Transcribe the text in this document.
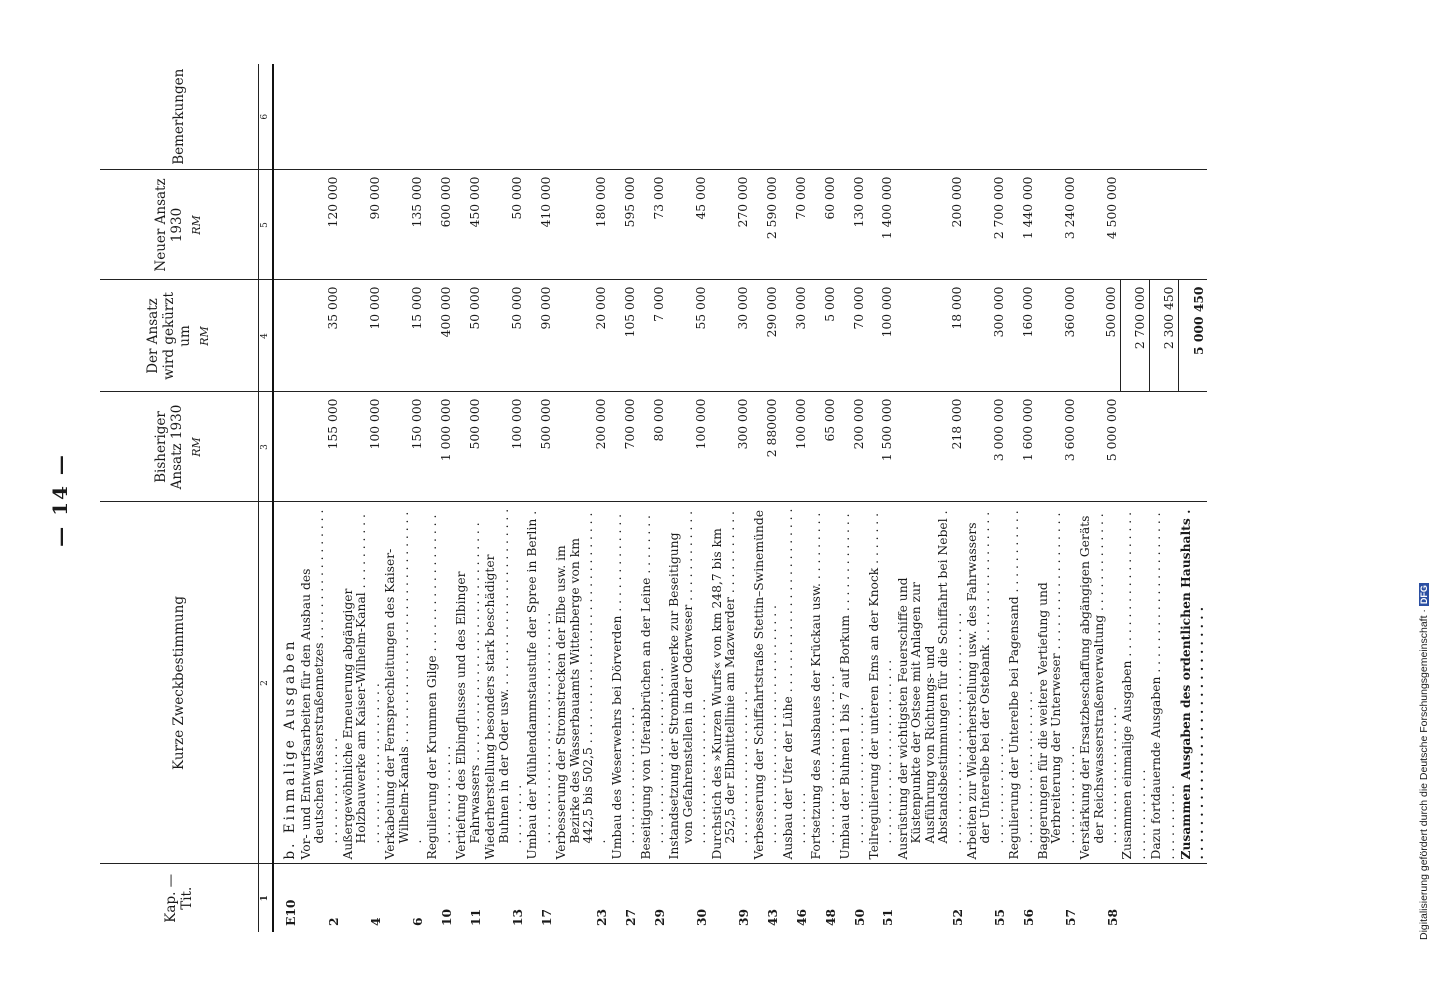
Digitalisierung gefördert durch die Deutsche Forschungsgemeinschaft ·DFG
— 14 —
Kap. — Tit.	Kurze Zweckbestimmung	Bisheriger Ansatz 1930 RM	Der Ansatz wird gekürzt um RM	Neuer Ansatz 1930 RM	Bemerkungen
1	2	3	4	5	6
E10	b. Einmalige Ausgaben				
2	Vor- und Entwurfsarbeiten für den Ausbau des deutschen Wasserstraßennetzes . . .	155 000	35 000	120 000	
4	Außergewöhnliche Erneuerung abgängiger Holzbauwerke am Kaiser-Wilhelm-Kanal . . .	100 000	10 000	90 000	
6	Verkabelung der Fernsprechleitungen des Kaiser-Wilhelm-Kanals . . .	150 000	15 000	135 000	
10	Regulierung der Krummen Gilge . . .	1 000 000	400 000	600 000	
11	Vertiefung des Elbingflusses und des Elbinger Fahrwassers . . .	500 000	50 000	450 000	
13	Wiederherstellung besonders stark beschädigter Buhnen in der Oder usw. . . .	100 000	50 000	50 000	
17	Umbau der Mühlendammstaustufe der Spree in Berlin . . .	500 000	90 000	410 000	
23	Verbesserung der Stromstrecken der Elbe usw. im Bezirke des Wasserbauamts Wittenberge von km 442,5 bis 502,5 . . .	200 000	20 000	180 000	
27	Umbau des Weserwehrs bei Dörverden . . .	700 000	105 000	595 000	
29	Beseitigung von Uferabbrüchen an der Leine . . .	80 000	7 000	73 000	
30	Instandsetzung der Strombauwerke zur Beseitigung von Gefahrenstellen in der Oderweser . . .	100 000	55 000	45 000	
39	Durchstich des »Kurzen Wurfs« von km 248,7 bis km 252,5 der Elbmittellinie am Mazwerder . . .	300 000	30 000	270 000	
43	Verbesserung der Schiffahrtstraße Stettin–Swinemünde . . .	2 880000	290 000	2 590 000	
46	Ausbau der Ufer der Lühe . . .	100 000	30 000	70 000	
48	Fortsetzung des Ausbaues der Krückau usw. . . .	65 000	5 000	60 000	
50	Umbau der Buhnen 1 bis 7 auf Borkum . . .	200 000	70 000	130 000	
51	Teilregulierung der unteren Ems an der Knock . . .	1 500 000	100 000	1 400 000	
52	Ausrüstung der wichtigsten Feuerschiffe und Küstenpunkte der Ostsee mit Anlagen zur Ausführung von Richtungs- und Abstandsbestimmungen für die Schiffahrt bei Nebel . . .	218 000	18 000	200 000	
55	Arbeiten zur Wiederherstellung usw. des Fahrwassers der Unterelbe bei der Ostebank . . .	3 000 000	300 000	2 700 000	
56	Regulierung der Unterelbe bei Pagensand . . .	1 600 000	160 000	1 440 000	
57	Baggerungen für die weitere Vertiefung und Verbreiterung der Unterweser . . .	3 600 000	360 000	3 240 000	
58	Verstärkung der Ersatzbeschaffung abgängigen Geräts der Reichswasserstraßenverwaltung . . .	5 000 000	500 000	4 500 000	
	Zusammen einmalige Ausgaben . . .		2 700 000		
	Dazu fortdauernde Ausgaben . . .		2 300 450		
	Zusammen Ausgaben des ordentlichen Haushalts . . .		5 000 450		
